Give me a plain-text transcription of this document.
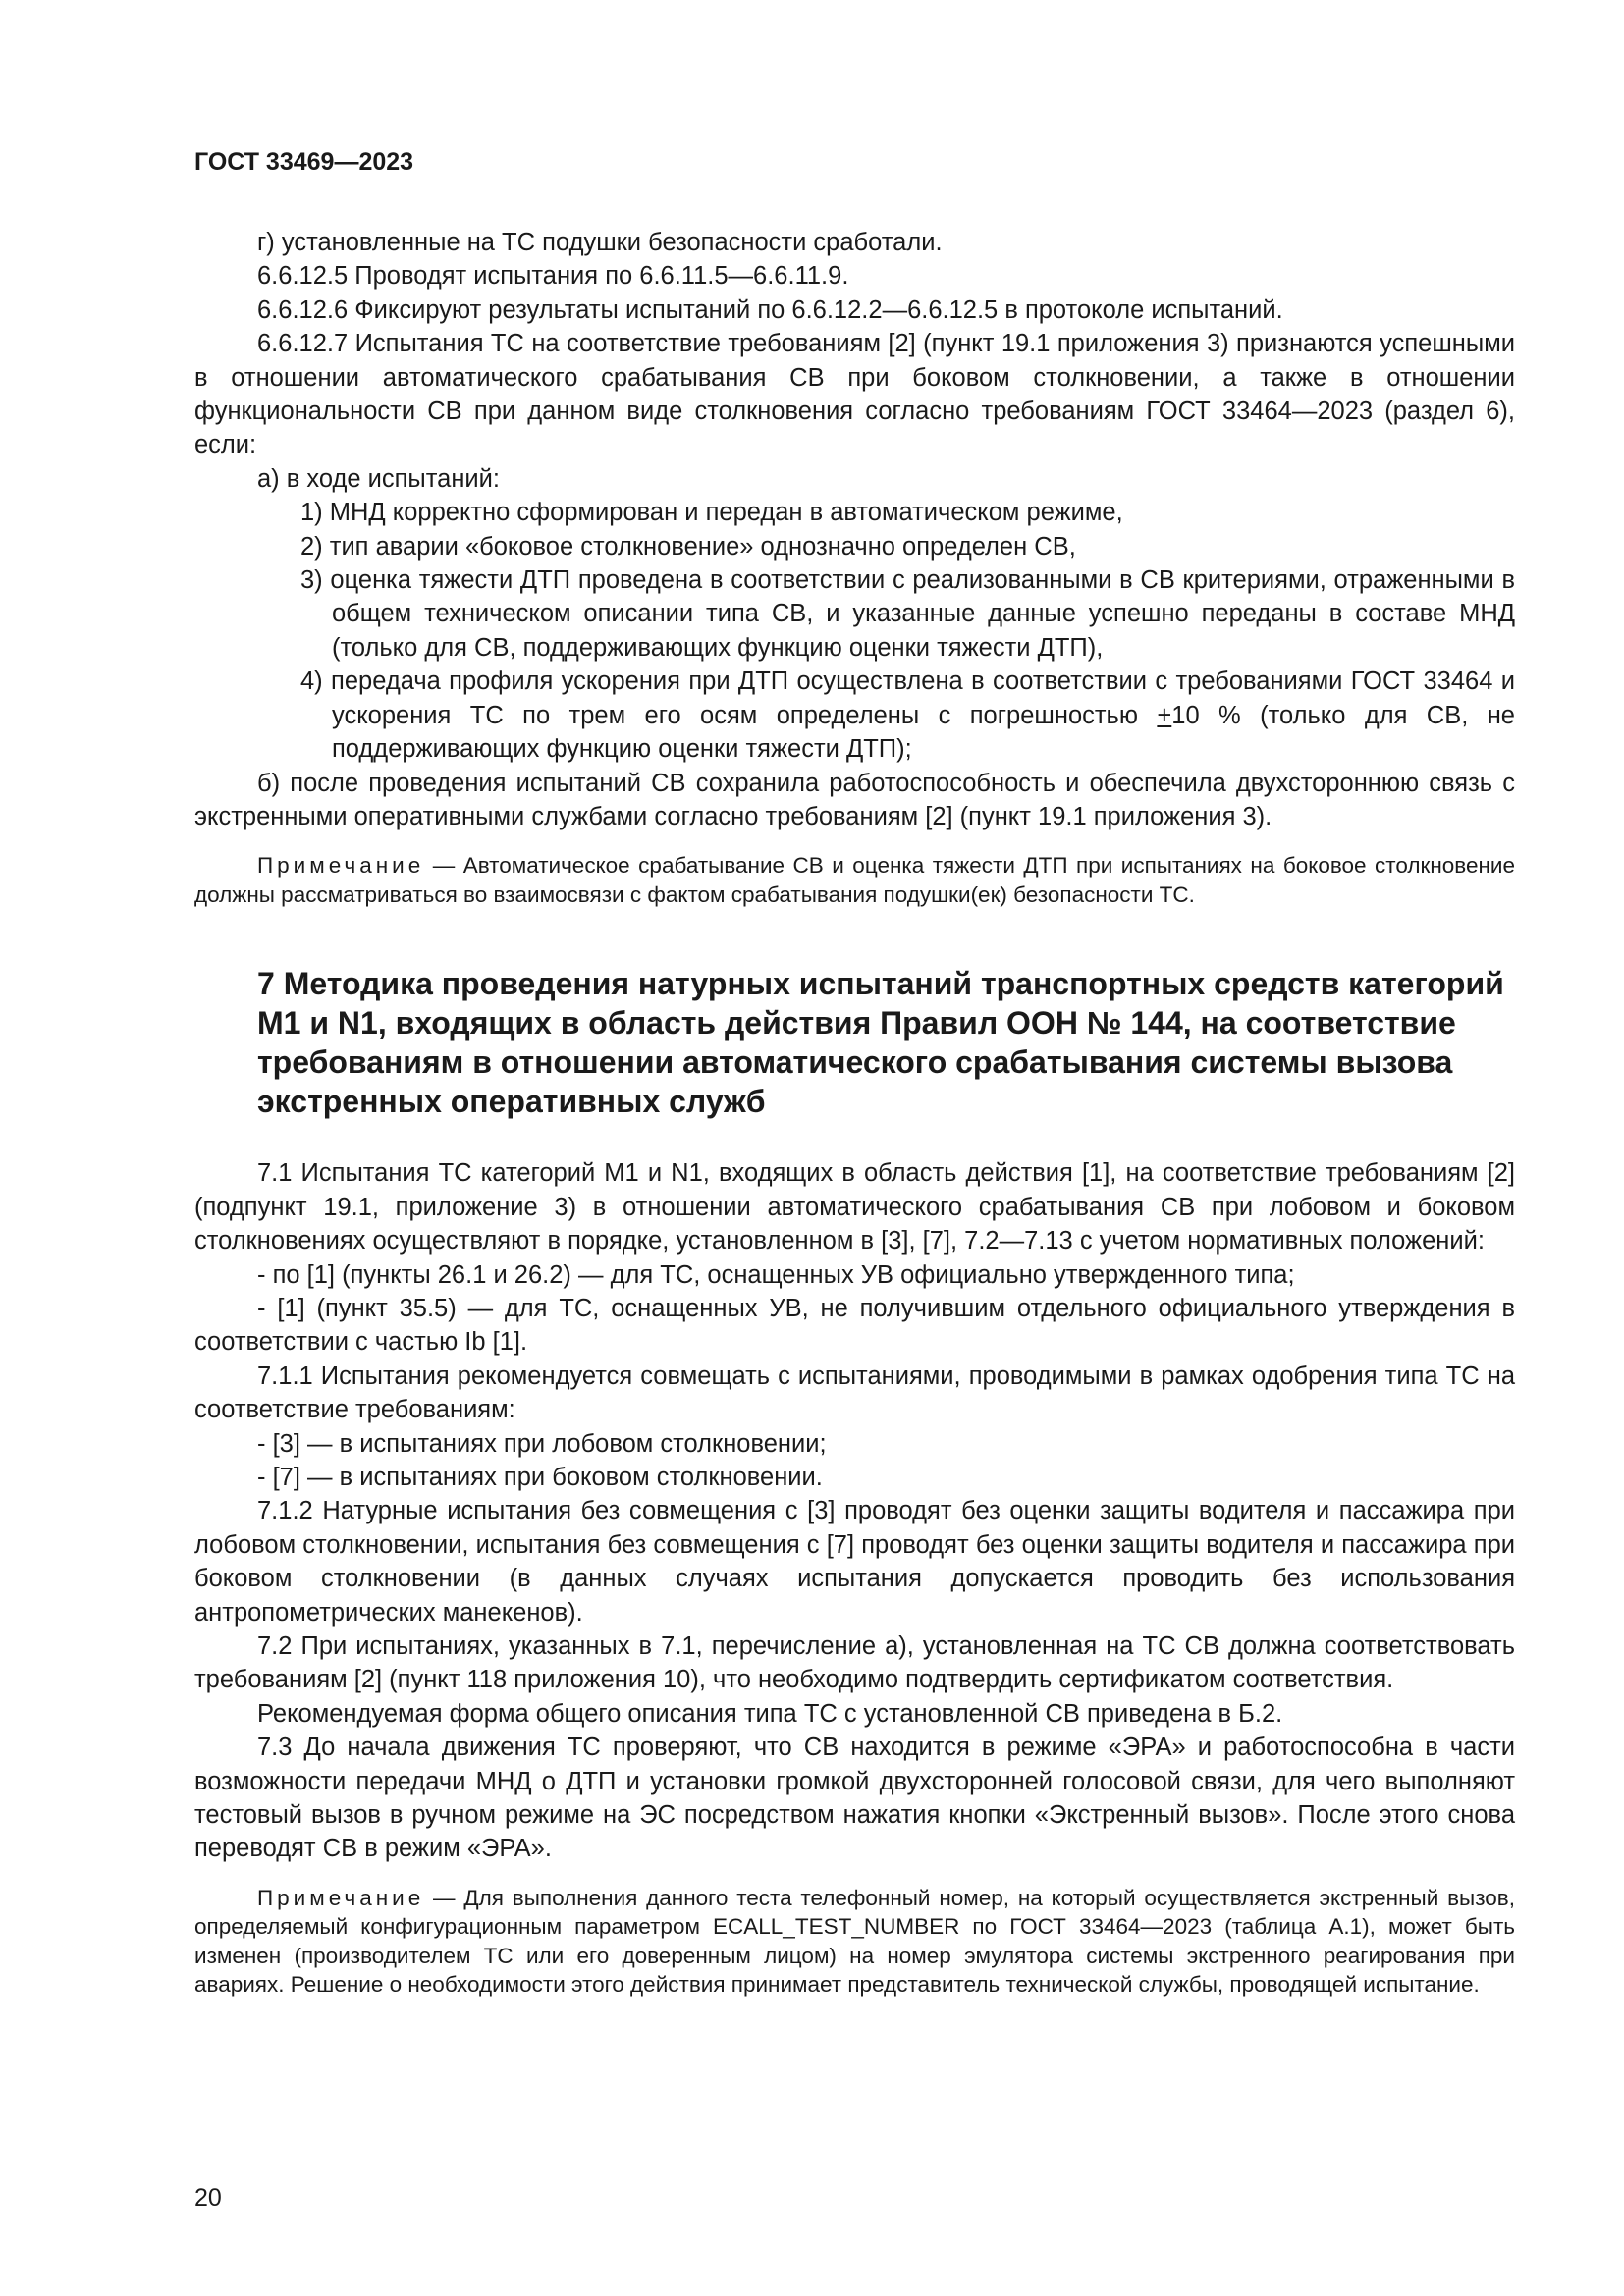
ГОСТ 33469—2023

г) установленные на ТС подушки безопасности сработали.

6.6.12.5 Проводят испытания по 6.6.11.5—6.6.11.9.

6.6.12.6 Фиксируют результаты испытаний по 6.6.12.2—6.6.12.5 в протоколе испытаний.

6.6.12.7 Испытания ТС на соответствие требованиям [2] (пункт 19.1 приложения 3) признаются успешными в отношении автоматического срабатывания СВ при боковом столкновении, а также в отношении функциональности СВ при данном виде столкновения согласно требованиям ГОСТ 33464—2023 (раздел 6), если:

а) в ходе испытаний:

1) МНД корректно сформирован и передан в автоматическом режиме,

2) тип аварии «боковое столкновение» однозначно определен СВ,

3) оценка тяжести ДТП проведена в соответствии с реализованными в СВ критериями, отраженными в общем техническом описании типа СВ, и указанные данные успешно переданы в составе МНД (только для СВ, поддерживающих функцию оценки тяжести ДТП),

4) передача профиля ускорения при ДТП осуществлена в соответствии с требованиями ГОСТ 33464 и ускорения ТС по трем его осям определены с погрешностью +10 % (только для СВ, не поддерживающих функцию оценки тяжести ДТП);

б) после проведения испытаний СВ сохранила работоспособность и обеспечила двухстороннюю связь с экстренными оперативными службами согласно требованиям [2] (пункт 19.1 приложения 3).

Примечание — Автоматическое срабатывание СВ и оценка тяжести ДТП при испытаниях на боковое столкновение должны рассматриваться во взаимосвязи с фактом срабатывания подушки(ек) безопасности ТС.
7 Методика проведения натурных испытаний транспортных средств категорий М1 и N1, входящих в область действия Правил ООН № 144, на соответствие требованиям в отношении автоматического срабатывания системы вызова экстренных оперативных служб

7.1 Испытания ТС категорий М1 и N1, входящих в область действия [1], на соответствие требованиям [2] (подпункт 19.1, приложение 3) в отношении автоматического срабатывания СВ при лобовом и боковом столкновениях осуществляют в порядке, установленном в [3], [7], 7.2—7.13 с учетом нормативных положений:

- по [1] (пункты 26.1 и 26.2) — для ТС, оснащенных УВ официально утвержденного типа;

- [1] (пункт 35.5) — для ТС, оснащенных УВ, не получившим отдельного официального утверждения в соответствии с частью Ib [1].

7.1.1 Испытания рекомендуется совмещать с испытаниями, проводимыми в рамках одобрения типа ТС на соответствие требованиям:

- [3] — в испытаниях при лобовом столкновении;

- [7] — в испытаниях при боковом столкновении.

7.1.2 Натурные испытания без совмещения с [3] проводят без оценки защиты водителя и пассажира при лобовом столкновении, испытания без совмещения с [7] проводят без оценки защиты водителя и пассажира при боковом столкновении (в данных случаях испытания допускается проводить без использования антропометрических манекенов).

7.2 При испытаниях, указанных в 7.1, перечисление а), установленная на ТС СВ должна соответствовать требованиям [2] (пункт 118 приложения 10), что необходимо подтвердить сертификатом соответствия.

Рекомендуемая форма общего описания типа ТС с установленной СВ приведена в Б.2.

7.3 До начала движения ТС проверяют, что СВ находится в режиме «ЭРА» и работоспособна в части возможности передачи МНД о ДТП и установки громкой двухсторонней голосовой связи, для чего выполняют тестовый вызов в ручном режиме на ЭС посредством нажатия кнопки «Экстренный вызов». После этого снова переводят СВ в режим «ЭРА».

Примечание — Для выполнения данного теста телефонный номер, на который осуществляется экстренный вызов, определяемый конфигурационным параметром ECALL_TEST_NUMBER по ГОСТ 33464—2023 (таблица А.1), может быть изменен (производителем ТС или его доверенным лицом) на номер эмулятора системы экстренного реагирования при авариях. Решение о необходимости этого действия принимает представитель технической службы, проводящей испытание.
20
